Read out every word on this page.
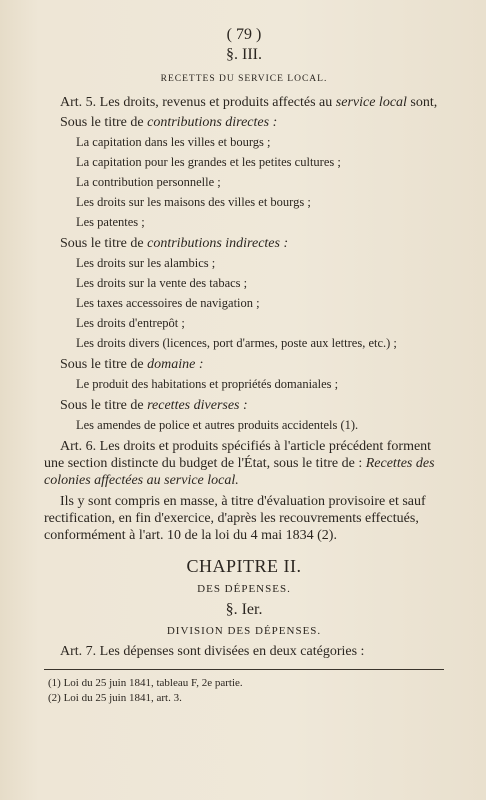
( 79 )
§. III.
RECETTES DU SERVICE LOCAL.

Art. 5. Les droits, revenus et produits affectés au service local sont,

Sous le titre de contributions directes :
La capitation dans les villes et bourgs ;
La capitation pour les grandes et les petites cultures ;
La contribution personnelle ;
Les droits sur les maisons des villes et bourgs ;
Les patentes ;
Sous le titre de contributions indirectes :
Les droits sur les alambics ;
Les droits sur la vente des tabacs ;
Les taxes accessoires de navigation ;
Les droits d'entrepôt ;
Les droits divers (licences, port d'armes, poste aux lettres, etc.) ;
Sous le titre de domaine :
Le produit des habitations et propriétés domaniales ;
Sous le titre de recettes diverses :
Les amendes de police et autres produits accidentels (1).

Art. 6. Les droits et produits spécifiés à l'article précédent forment une section distincte du budget de l'État, sous le titre de : Recettes des colonies affectées au service local.

Ils y sont compris en masse, à titre d'évaluation provisoire et sauf rectification, en fin d'exercice, d'après les recouvrements effectués, conformément à l'art. 10 de la loi du 4 mai 1834 (2).

CHAPITRE II.
DES DÉPENSES.
§. Ier.
DIVISION DES DÉPENSES.

Art. 7. Les dépenses sont divisées en deux catégories :

(1) Loi du 25 juin 1841, tableau F, 2e partie.
(2) Loi du 25 juin 1841, art. 3.
